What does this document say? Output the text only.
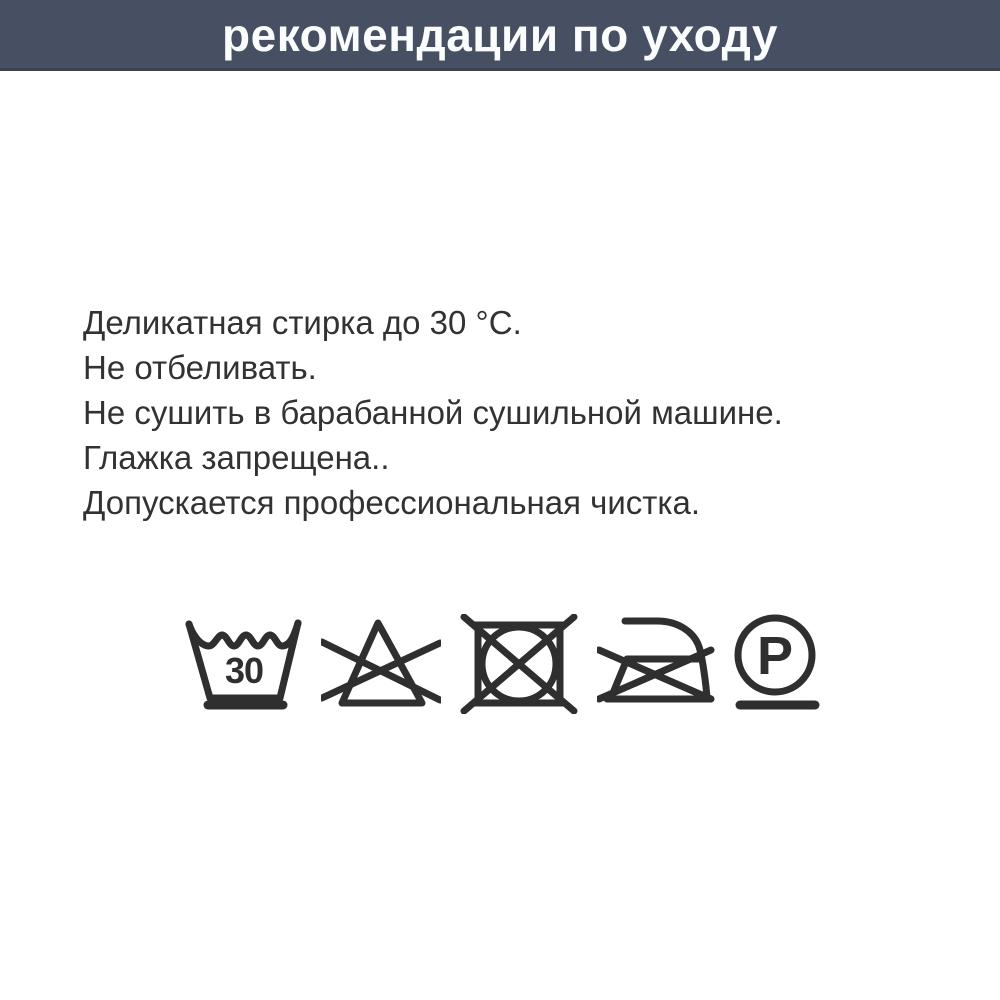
рекомендации по уходу

Деликатная стирка до 30 °C.

Не отбеливать.

Не сушить в барабанной сушильной машине.

Глажка запрещена..

Допускается профессиональная чистка.

30	P
